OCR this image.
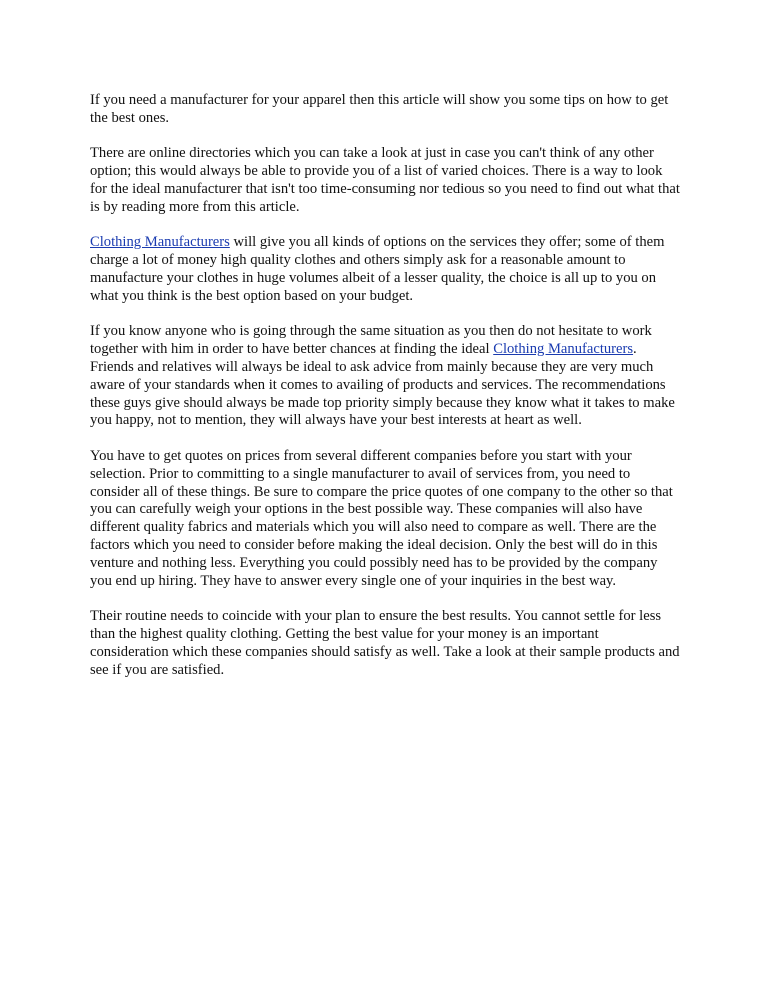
If you need a manufacturer for your apparel then this article will show you some tips on how to get the best ones.

There are online directories which you can take a look at just in case you can't think of any other option; this would always be able to provide you of a list of varied choices. There is a way to look for the ideal manufacturer that isn't too time-consuming nor tedious so you need to find out what that is by reading more from this article.

Clothing Manufacturers will give you all kinds of options on the services they offer; some of them charge a lot of money high quality clothes and others simply ask for a reasonable amount to manufacture your clothes in huge volumes albeit of a lesser quality, the choice is all up to you on what you think is the best option based on your budget.

If you know anyone who is going through the same situation as you then do not hesitate to work together with him in order to have better chances at finding the ideal Clothing Manufacturers. Friends and relatives will always be ideal to ask advice from mainly because they are very much aware of your standards when it comes to availing of products and services. The recommendations these guys give should always be made top priority simply because they know what it takes to make you happy, not to mention, they will always have your best interests at heart as well.

You have to get quotes on prices from several different companies before you start with your selection. Prior to committing to a single manufacturer to avail of services from, you need to consider all of these things. Be sure to compare the price quotes of one company to the other so that you can carefully weigh your options in the best possible way. These companies will also have different quality fabrics and materials which you will also need to compare as well. There are the factors which you need to consider before making the ideal decision. Only the best will do in this venture and nothing less. Everything you could possibly need has to be provided by the company you end up hiring. They have to answer every single one of your inquiries in the best way.

Their routine needs to coincide with your plan to ensure the best results. You cannot settle for less than the highest quality clothing. Getting the best value for your money is an important consideration which these companies should satisfy as well. Take a look at their sample products and see if you are satisfied.
